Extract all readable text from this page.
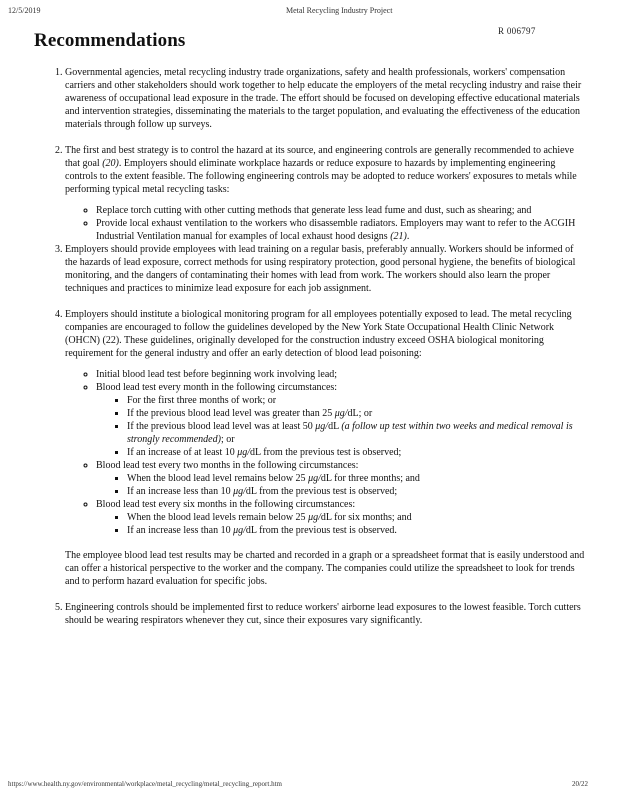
12/5/2019	Metal Recycling Industry Project
R 006797
Recommendations
1. Governmental agencies, metal recycling industry trade organizations, safety and health professionals, workers' compensation carriers and other stakeholders should work together to help educate the employers of the metal recycling industry and raise their awareness of occupational lead exposure in the trade. The effort should be focused on developing effective educational materials and intervention strategies, disseminating the materials to the target population, and evaluating the effectiveness of the education materials through follow up surveys.
2. The first and best strategy is to control the hazard at its source, and engineering controls are generally recommended to achieve that goal (20). Employers should eliminate workplace hazards or reduce exposure to hazards by implementing engineering controls to the extent feasible. The following engineering controls may be adopted to reduce workers' exposures to metals while performing typical metal recycling tasks:
◦ Replace torch cutting with other cutting methods that generate less lead fume and dust, such as shearing; and
◦ Provide local exhaust ventilation to the workers who disassemble radiators. Employers may want to refer to the ACGIH Industrial Ventilation manual for examples of local exhaust hood designs (21).
3. Employers should provide employees with lead training on a regular basis, preferably annually. Workers should be informed of the hazards of lead exposure, correct methods for using respiratory protection, good personal hygiene, the benefits of biological monitoring, and the dangers of contaminating their homes with lead from work. The workers should also learn the proper techniques and practices to minimize lead exposure for each job assignment.
4. Employers should institute a biological monitoring program for all employees potentially exposed to lead. The metal recycling companies are encouraged to follow the guidelines developed by the New York State Occupational Health Clinic Network (OHCN) (22). These guidelines, originally developed for the construction industry exceed OSHA biological monitoring requirement for the general industry and offer an early detection of blood lead poisoning:
◦ Initial blood lead test before beginning work involving lead;
◦ Blood lead test every month in the following circumstances:
▪ For the first three months of work; or
▪ If the previous blood lead level was greater than 25 μg/dL; or
▪ If the previous blood lead level was at least 50 μg/dL (a follow up test within two weeks and medical removal is strongly recommended); or
▪ If an increase of at least 10 μg/dL from the previous test is observed;
◦ Blood lead test every two months in the following circumstances:
▪ When the blood lead level remains below 25 μg/dL for three months; and
▪ If an increase less than 10 μg/dL from the previous test is observed;
◦ Blood lead test every six months in the following circumstances:
▪ When the blood lead levels remain below 25 μg/dL for six months; and
▪ If an increase less than 10 μg/dL from the previous test is observed.

The employee blood lead test results may be charted and recorded in a graph or a spreadsheet format that is easily understood and can offer a historical perspective to the worker and the company. The companies could utilize the spreadsheet to look for trends and to perform hazard evaluation for specific jobs.

5. Engineering controls should be implemented first to reduce workers' airborne lead exposures to the lowest feasible. Torch cutters should be wearing respirators whenever they cut, since their exposures vary significantly.
https://www.health.ny.gov/environmental/workplace/metal_recycling/metal_recycling_report.htm	20/22
